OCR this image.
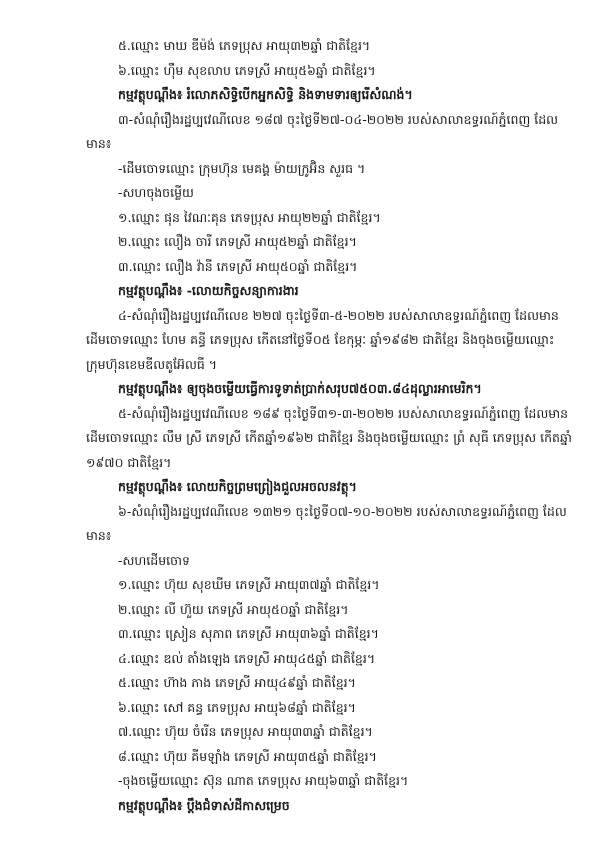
៥.ឈ្មោះ មាឃ ឌីម៉ង់ ភេទប្រុស អាយុ៣២ឆ្នាំ ជាតិខ្មែរ។
៦.ឈ្មោះ ហ៊ឹម សុខលាប ភេទស្រី អាយុ៥៦ឆ្នាំ ជាតិខ្មែរ។
កម្មវត្ថុបណ្តឹង៖ រំលោភសិទ្ធិបើកអ្នកសិទ្ធិ និងទាមទារឲ្យរើសំណង់។
៣-សំណុំរឿងរដ្ឋប្បវេណីលេខ ១៨៧ ចុះថ្ងៃទី២៧-០៤-២០២២ របស់សាលាឧទ្ធរណ៍ភ្នំពេញ ដែល
មាន៖
-ដើមចោទឈ្មោះ ក្រុមហ៊ុន មេគង្គ ម៉ាយក្រូអ៊ិន សួរធ ។
-សហចុងចម្លើយ
១.ឈ្មោះ ផុន វៃណៈគុន ភេទប្រុស អាយុ២២ឆ្នាំ ជាតិខ្មែរ។
២.ឈ្មោះ លឿង ចារី ភេទស្រី អាយុ៥២ឆ្នាំ ជាតិខ្មែរ។
៣.ឈ្មោះ លឿង វ៉ានី ភេទស្រី អាយុ៥០ឆ្នាំ ជាតិខ្មែរ។
កម្មវត្ថុបណ្តឹង៖ -លោយកិច្ចសន្យាការងារ
៤-សំណុំរឿងរដ្ឋប្បវេណីលេខ ២២៧ ចុះថ្ងៃទី៣-៥-២០២២ របស់សាលាឧទ្ធរណ៍ភ្នំពេញ ដែលមាន
ដើមចោទឈ្មោះ ហែម គន្ធី ភេទប្រុស កើតនៅថ្ងៃទី០៥ ខែកុម្ភៈ ឆ្នាំ១៩៨២ ជាតិខ្មែរ និងចុងចម្លើយឈ្មោះ
ក្រុមហ៊ុនខេមឌីលតូអ៊ែលធី ។
កម្មវត្ថុបណ្តឹង៖ ឲ្យចុងចម្លើយធ្វើការទូទាត់ប្រាក់សរុប៧៥០៣.៨៤ដុល្លារអាមេរិក។
៥-សំណុំរឿងរដ្ឋប្បវេណីលេខ ១៨៩ ចុះថ្ងៃទី៣១-៣-២០២២ របស់សាលាឧទ្ធរណ៍ភ្នំពេញ ដែលមាន
ដើមចោទឈ្មោះ លឹម ស្រី ភេទស្រី កើតឆ្នាំ១៩៦២ ជាតិខ្មែរ និងចុងចម្លើយឈ្មោះ ព្រំ សុធី ភេទប្រុស កើតឆ្នាំ
១៩៧០ ជាតិខ្មែរ។
កម្មវត្ថុបណ្តឹង៖ លោយកិច្ចព្រមព្រៀងជួលអចលនវត្ថុ។
៦-សំណុំរឿងរដ្ឋប្បវេណីលេខ ១៣២១ ចុះថ្ងៃទី០៧-១០-២០២២ របស់សាលាឧទ្ធរណ៍ភ្នំពេញ ដែល
មាន៖
-សហដើមចោទ
១.ឈ្មោះ ហ៊ុយ សុខឃីម ភេទស្រី អាយុ៣៧ឆ្នាំ ជាតិខ្មែរ។
២.ឈ្មោះ លី ហ៊ួយ ភេទស្រី អាយុ៥០ឆ្នាំ ជាតិខ្មែរ។
៣.ឈ្មោះ ស្រៀន សុភាព ភេទស្រី អាយុ៣៦ឆ្នាំ ជាតិខ្មែរ។
៤.ឈ្មោះ ឌល់ តាំងឡេង ភេទស្រី អាយុ៤៥ឆ្នាំ ជាតិខ្មែរ។
៥.ឈ្មោះ ហ៊ាង ភាង ភេទស្រី អាយុ៤៩ឆ្នាំ ជាតិខ្មែរ។
៦.ឈ្មោះ សៅ គន្ធ ភេទប្រុស អាយុ៦៨ឆ្នាំ ជាតិខ្មែរ។
៧.ឈ្មោះ ហ៊ុយ ចំរើន ភេទប្រុស អាយុ៣៣ឆ្នាំ ជាតិខ្មែរ។
៨.ឈ្មោះ ហ៊ុយ គីមឡាំង ភេទស្រី អាយុ៣៥ឆ្នាំ ជាតិខ្មែរ។
-ចុងចម្លើយឈ្មោះ ស៊ុន ណាត ភេទប្រុស អាយុ៦៣ឆ្នាំ ជាតិខ្មែរ។
កម្មវត្ថុបណ្តឹង៖ ប្តឹងជំទាស់ដីកាសម្រេច
